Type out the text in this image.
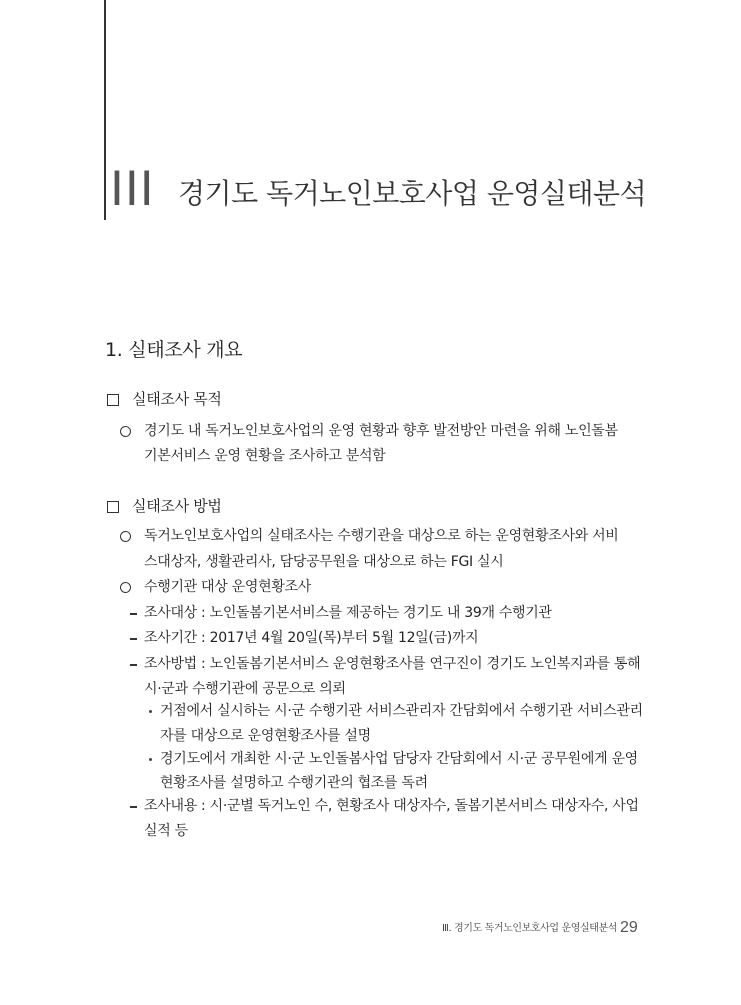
III 경기도 독거노인보호사업 운영실태분석
1. 실태조사 개요
실태조사 목적
경기도 내 독거노인보호사업의 운영 현황과 향후 발전방안 마련을 위해 노인돌봄
기본서비스 운영 현황을 조사하고 분석함
실태조사 방법
독거노인보호사업의 실태조사는 수행기관을 대상으로 하는 운영현황조사와 서비
스대상자, 생활관리사, 담당공무원을 대상으로 하는 FGI 실시
수행기관 대상 운영현황조사
조사대상 : 노인돌봄기본서비스를 제공하는 경기도 내 39개 수행기관
조사기간 : 2017년 4월 20일(목)부터 5월 12일(금)까지
조사방법 : 노인돌봄기본서비스 운영현황조사를 연구진이 경기도 노인복지과를 통해
시·군과 수행기관에 공문으로 의뢰
거점에서 실시하는 시·군 수행기관 서비스관리자 간담회에서 수행기관 서비스관리
자를 대상으로 운영현황조사를 설명
경기도에서 개최한 시·군 노인돌봄사업 담당자 간담회에서 시·군 공무원에게 운영
현황조사를 설명하고 수행기관의 협조를 독려
조사내용 : 시·군별 독거노인 수, 현황조사 대상자수, 돌봄기본서비스 대상자수, 사업
실적 등
Ⅲ. 경기도 독거노인보호사업 운영실태분석 29
